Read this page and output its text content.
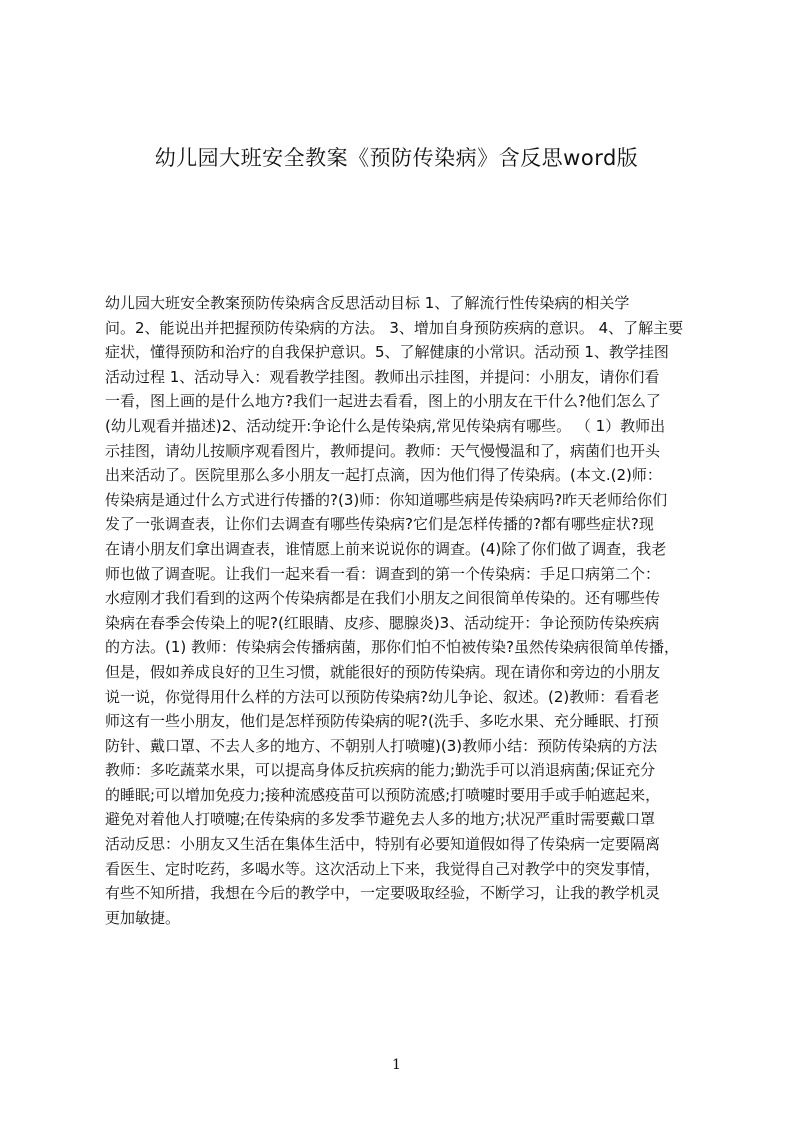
幼儿园大班安全教案《预防传染病》含反思word版
幼儿园大班安全教案预防传染病含反思活动目标 1、了解流行性传染病的相关学
问。2、能说出并把握预防传染病的方法。 3、增加自身预防疾病的意识。 4、了解主要
症状，懂得预防和治疗的自我保护意识。5、了解健康的小常识。活动预 1、教学挂图
活动过程 1、活动导入：观看教学挂图。教师出示挂图，并提问：小朋友，请你们看
一看，图上画的是什么地方?我们一起进去看看，图上的小朋友在干什么?他们怎么了
(幼儿观看并描述)2、活动绽开:争论什么是传染病,常见传染病有哪些。 （ 1）教师出
示挂图，请幼儿按顺序观看图片，教师提问。教师：天气慢慢温和了，病菌们也开头
出来活动了。医院里那么多小朋友一起打点滴，因为他们得了传染病。(本文.(2)师：
传染病是通过什么方式进行传播的?(3)师：你知道哪些病是传染病吗?昨天老师给你们
发了一张调查表，让你们去调查有哪些传染病?它们是怎样传播的?都有哪些症状?现
在请小朋友们拿出调查表，谁情愿上前来说说你的调查。(4)除了你们做了调查，我老
师也做了调查呢。让我们一起来看一看：调查到的第一个传染病：手足口病第二个：
水痘刚才我们看到的这两个传染病都是在我们小朋友之间很简单传染的。还有哪些传
染病在春季会传染上的呢?(红眼睛、皮疹、腮腺炎)3、活动绽开：争论预防传染疾病
的方法。(1) 教师：传染病会传播病菌，那你们怕不怕被传染?虽然传染病很简单传播，
但是，假如养成良好的卫生习惯，就能很好的预防传染病。现在请你和旁边的小朋友
说一说，你觉得用什么样的方法可以预防传染病?幼儿争论、叙述。(2)教师：看看老
师这有一些小朋友，他们是怎样预防传染病的呢?(洗手、多吃水果、充分睡眠、打预
防针、戴口罩、不去人多的地方、不朝别人打喷嚏)(3)教师小结：预防传染病的方法
教师：多吃蔬菜水果，可以提高身体反抗疾病的能力;勤洗手可以消退病菌;保证充分
的睡眠;可以增加免疫力;接种流感疫苗可以预防流感;打喷嚏时要用手或手帕遮起来，
避免对着他人打喷嚏;在传染病的多发季节避免去人多的地方;状况严重时需要戴口罩
活动反思：小朋友又生活在集体生活中，特别有必要知道假如得了传染病一定要隔离
看医生、定时吃药，多喝水等。这次活动上下来，我觉得自己对教学中的突发事情，
有些不知所措，我想在今后的教学中，一定要吸取经验，不断学习，让我的教学机灵
更加敏捷。
1
